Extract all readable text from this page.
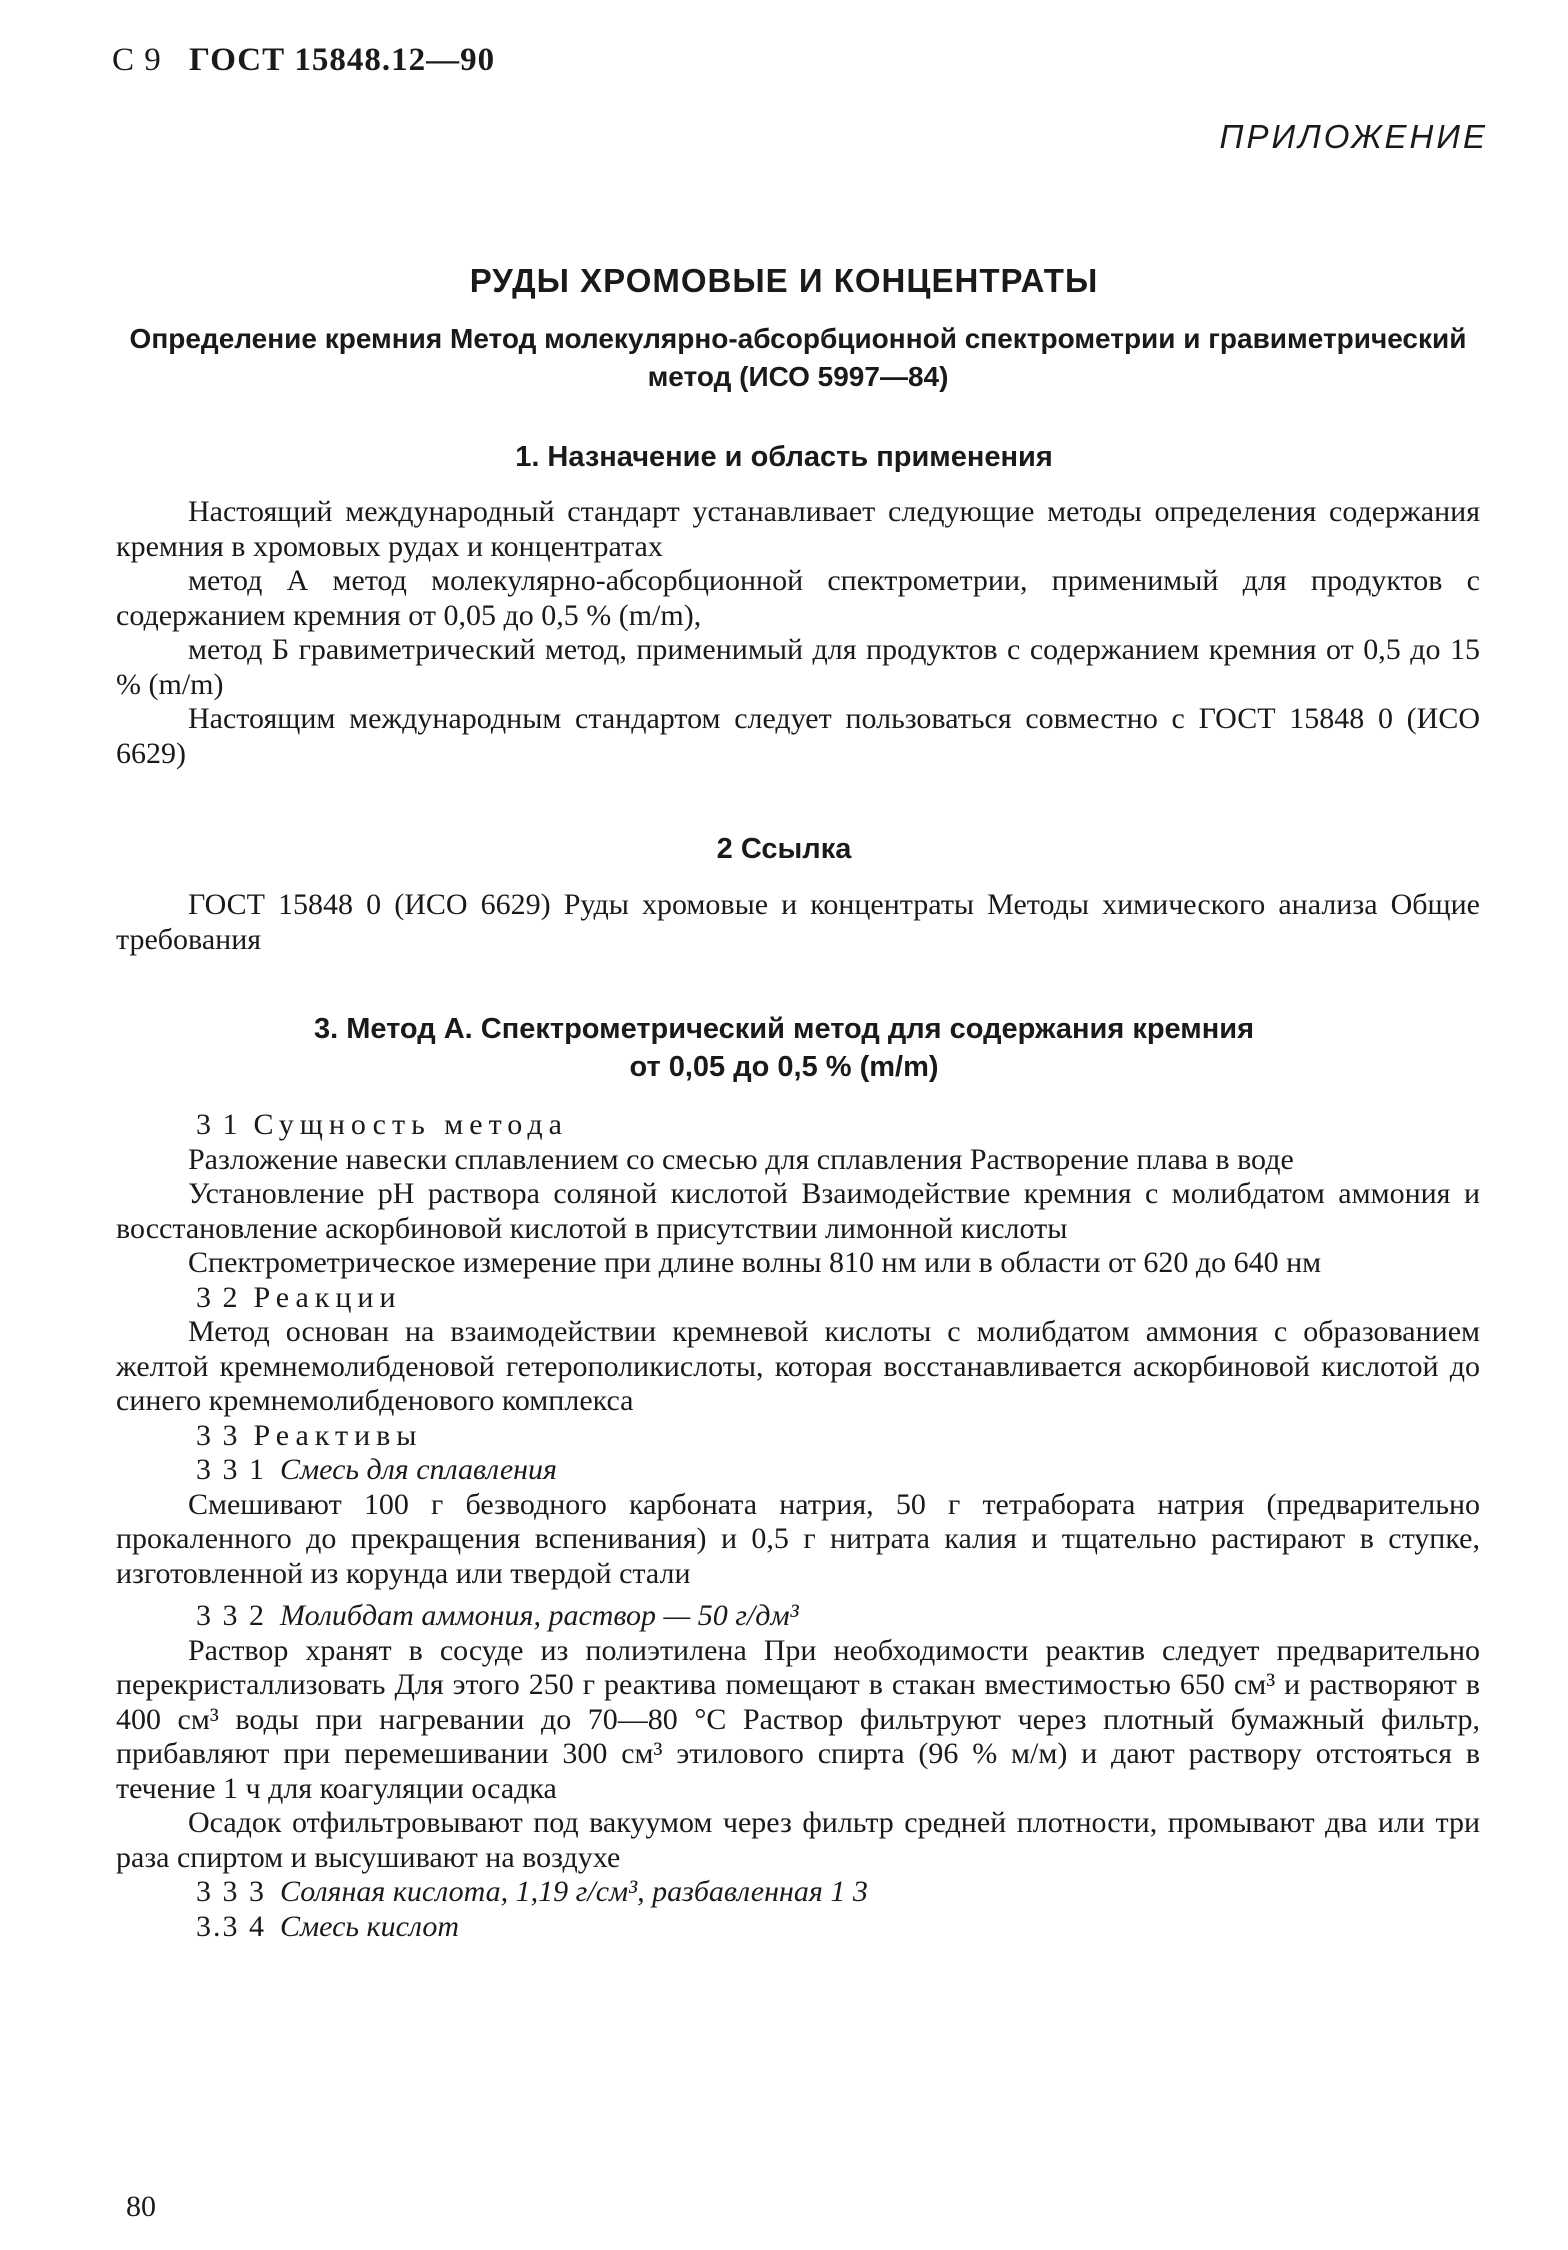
С 9 ГОСТ 15848.12—90
ПРИЛОЖЕНИЕ
РУДЫ ХРОМОВЫЕ И КОНЦЕНТРАТЫ
Определение кремния Метод молекулярно-абсорбционной спектрометрии и гравиметрический метод (ИСО 5997—84)
1. Назначение и область применения

Настоящий международный стандарт устанавливает следующие методы определения содержания кремния в хромовых рудах и концентратах

метод А метод молекулярно-абсорбционной спектрометрии, применимый для продуктов с содержанием кремния от 0,05 до 0,5 % (m/m),

метод Б гравиметрический метод, применимый для продуктов с содержанием кремния от 0,5 до 15 % (m/m)

Настоящим международным стандартом следует пользоваться совместно с ГОСТ 15848 0 (ИСО 6629)

2 Ссылка

ГОСТ 15848 0 (ИСО 6629) Руды хромовые и концентраты Методы химического анализа Общие требования

3. Метод А. Спектрометрический метод для содержания кремния
от 0,05 до 0,5 % (m/m)

3 1 Сущность метода

Разложение навески сплавлением со смесью для сплавления Растворение плава в воде

Установление pH раствора соляной кислотой Взаимодействие кремния с молибдатом аммония и восстановление аскорбиновой кислотой в присутствии лимонной кислоты

Спектрометрическое измерение при длине волны 810 нм или в области от 620 до 640 нм

3 2 Реакции

Метод основан на взаимодействии кремневой кислоты с молибдатом аммония с образованием желтой кремнемолибденовой гетерополикислоты, которая восстанавливается аскорбиновой кислотой до синего кремнемолибденового комплекса

3 3 Реактивы

3 3 1 Смесь для сплавления

Смешивают 100 г безводного карбоната натрия, 50 г тетрабората натрия (предварительно прокаленного до прекращения вспенивания) и 0,5 г нитрата калия и тщательно растирают в ступке, изготовленной из корунда или твердой стали

3 3 2 Молибдат аммония, раствор — 50 г/дм³

Раствор хранят в сосуде из полиэтилена При необходимости реактив следует предварительно перекристаллизовать Для этого 250 г реактива помещают в стакан вместимостью 650 см³ и растворяют в 400 см³ воды при нагревании до 70—80 °С Раствор фильтруют через плотный бумажный фильтр, прибавляют при перемешивании 300 см³ этилового спирта (96 % м/м) и дают раствору отстояться в течение 1 ч для коагуляции осадка

Осадок отфильтровывают под вакуумом через фильтр средней плотности, промывают два или три раза спиртом и высушивают на воздухе

3 3 3 Соляная кислота, 1,19 г/см³, разбавленная 1 3

3.3 4 Смесь кислот

80
